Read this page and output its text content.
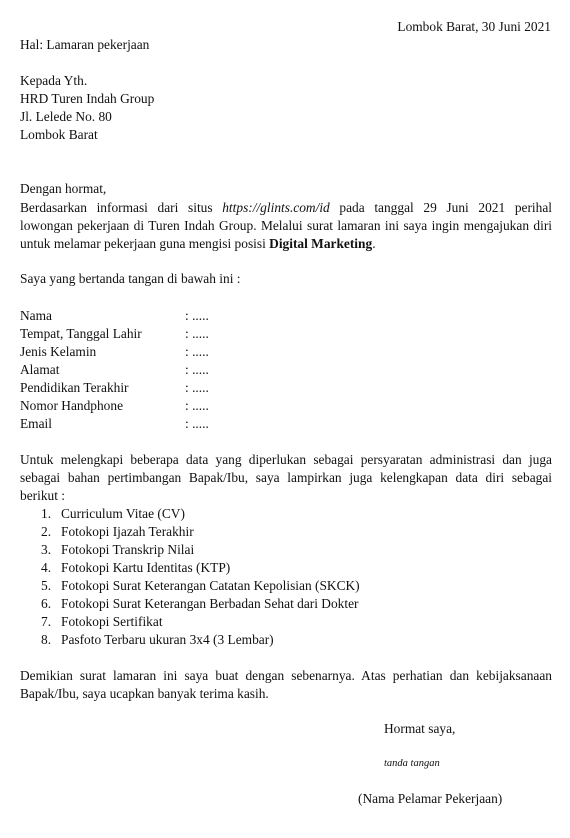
Lombok Barat, 30 Juni 2021
Hal: Lamaran pekerjaan
Kepada Yth.
HRD Turen Indah Group
Jl. Lelede No. 80
Lombok Barat
Dengan hormat,
Berdasarkan informasi dari situs https://glints.com/id pada tanggal 29 Juni 2021 perihal
lowongan pekerjaan di Turen Indah Group. Melalui surat lamaran ini saya ingin mengajukan diri
untuk melamar pekerjaan guna mengisi posisi Digital Marketing.
Saya yang bertanda tangan di bawah ini :
Nama	: .....
Tempat, Tanggal Lahir	: .....
Jenis Kelamin	: .....
Alamat	: .....
Pendidikan Terakhir	: .....
Nomor Handphone	: .....
Email	: .....
Untuk melengkapi beberapa data yang diperlukan sebagai persyaratan administrasi dan juga
sebagai bahan pertimbangan Bapak/Ibu, saya lampirkan juga kelengkapan data diri sebagai
berikut :
1. Curriculum Vitae (CV)
2. Fotokopi Ijazah Terakhir
3. Fotokopi Transkrip Nilai
4. Fotokopi Kartu Identitas (KTP)
5. Fotokopi Surat Keterangan Catatan Kepolisian (SKCK)
6. Fotokopi Surat Keterangan Berbadan Sehat dari Dokter
7. Fotokopi Sertifikat
8. Pasfoto Terbaru ukuran 3x4 (3 Lembar)
Demikian surat lamaran ini saya buat dengan sebenarnya. Atas perhatian dan kebijaksanaan
Bapak/Ibu, saya ucapkan banyak terima kasih.
Hormat saya,
tanda tangan
(Nama Pelamar Pekerjaan)
